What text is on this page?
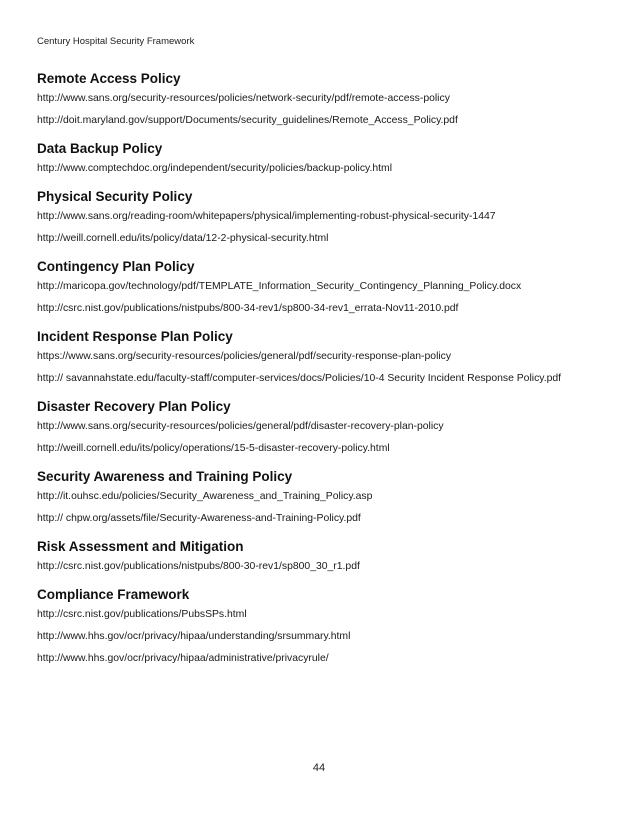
Century Hospital Security Framework
Remote Access Policy
http://www.sans.org/security-resources/policies/network-security/pdf/remote-access-policy
http://doit.maryland.gov/support/Documents/security_guidelines/Remote_Access_Policy.pdf
Data Backup Policy
http://www.comptechdoc.org/independent/security/policies/backup-policy.html
Physical Security Policy
http://www.sans.org/reading-room/whitepapers/physical/implementing-robust-physical-security-1447
http://weill.cornell.edu/its/policy/data/12-2-physical-security.html
Contingency Plan Policy
http://maricopa.gov/technology/pdf/TEMPLATE_Information_Security_Contingency_Planning_Policy.docx
http://csrc.nist.gov/publications/nistpubs/800-34-rev1/sp800-34-rev1_errata-Nov11-2010.pdf
Incident Response Plan Policy
https://www.sans.org/security-resources/policies/general/pdf/security-response-plan-policy
http:// savannahstate.edu/faculty-staff/computer-services/docs/Policies/10-4 Security Incident Response Policy.pdf
Disaster Recovery Plan Policy
http://www.sans.org/security-resources/policies/general/pdf/disaster-recovery-plan-policy
http://weill.cornell.edu/its/policy/operations/15-5-disaster-recovery-policy.html
Security Awareness and Training Policy
http://it.ouhsc.edu/policies/Security_Awareness_and_Training_Policy.asp
http:// chpw.org/assets/file/Security-Awareness-and-Training-Policy.pdf
Risk Assessment and Mitigation
http://csrc.nist.gov/publications/nistpubs/800-30-rev1/sp800_30_r1.pdf
Compliance Framework
http://csrc.nist.gov/publications/PubsSPs.html
http://www.hhs.gov/ocr/privacy/hipaa/understanding/srsummary.html
http://www.hhs.gov/ocr/privacy/hipaa/administrative/privacyrule/
44
